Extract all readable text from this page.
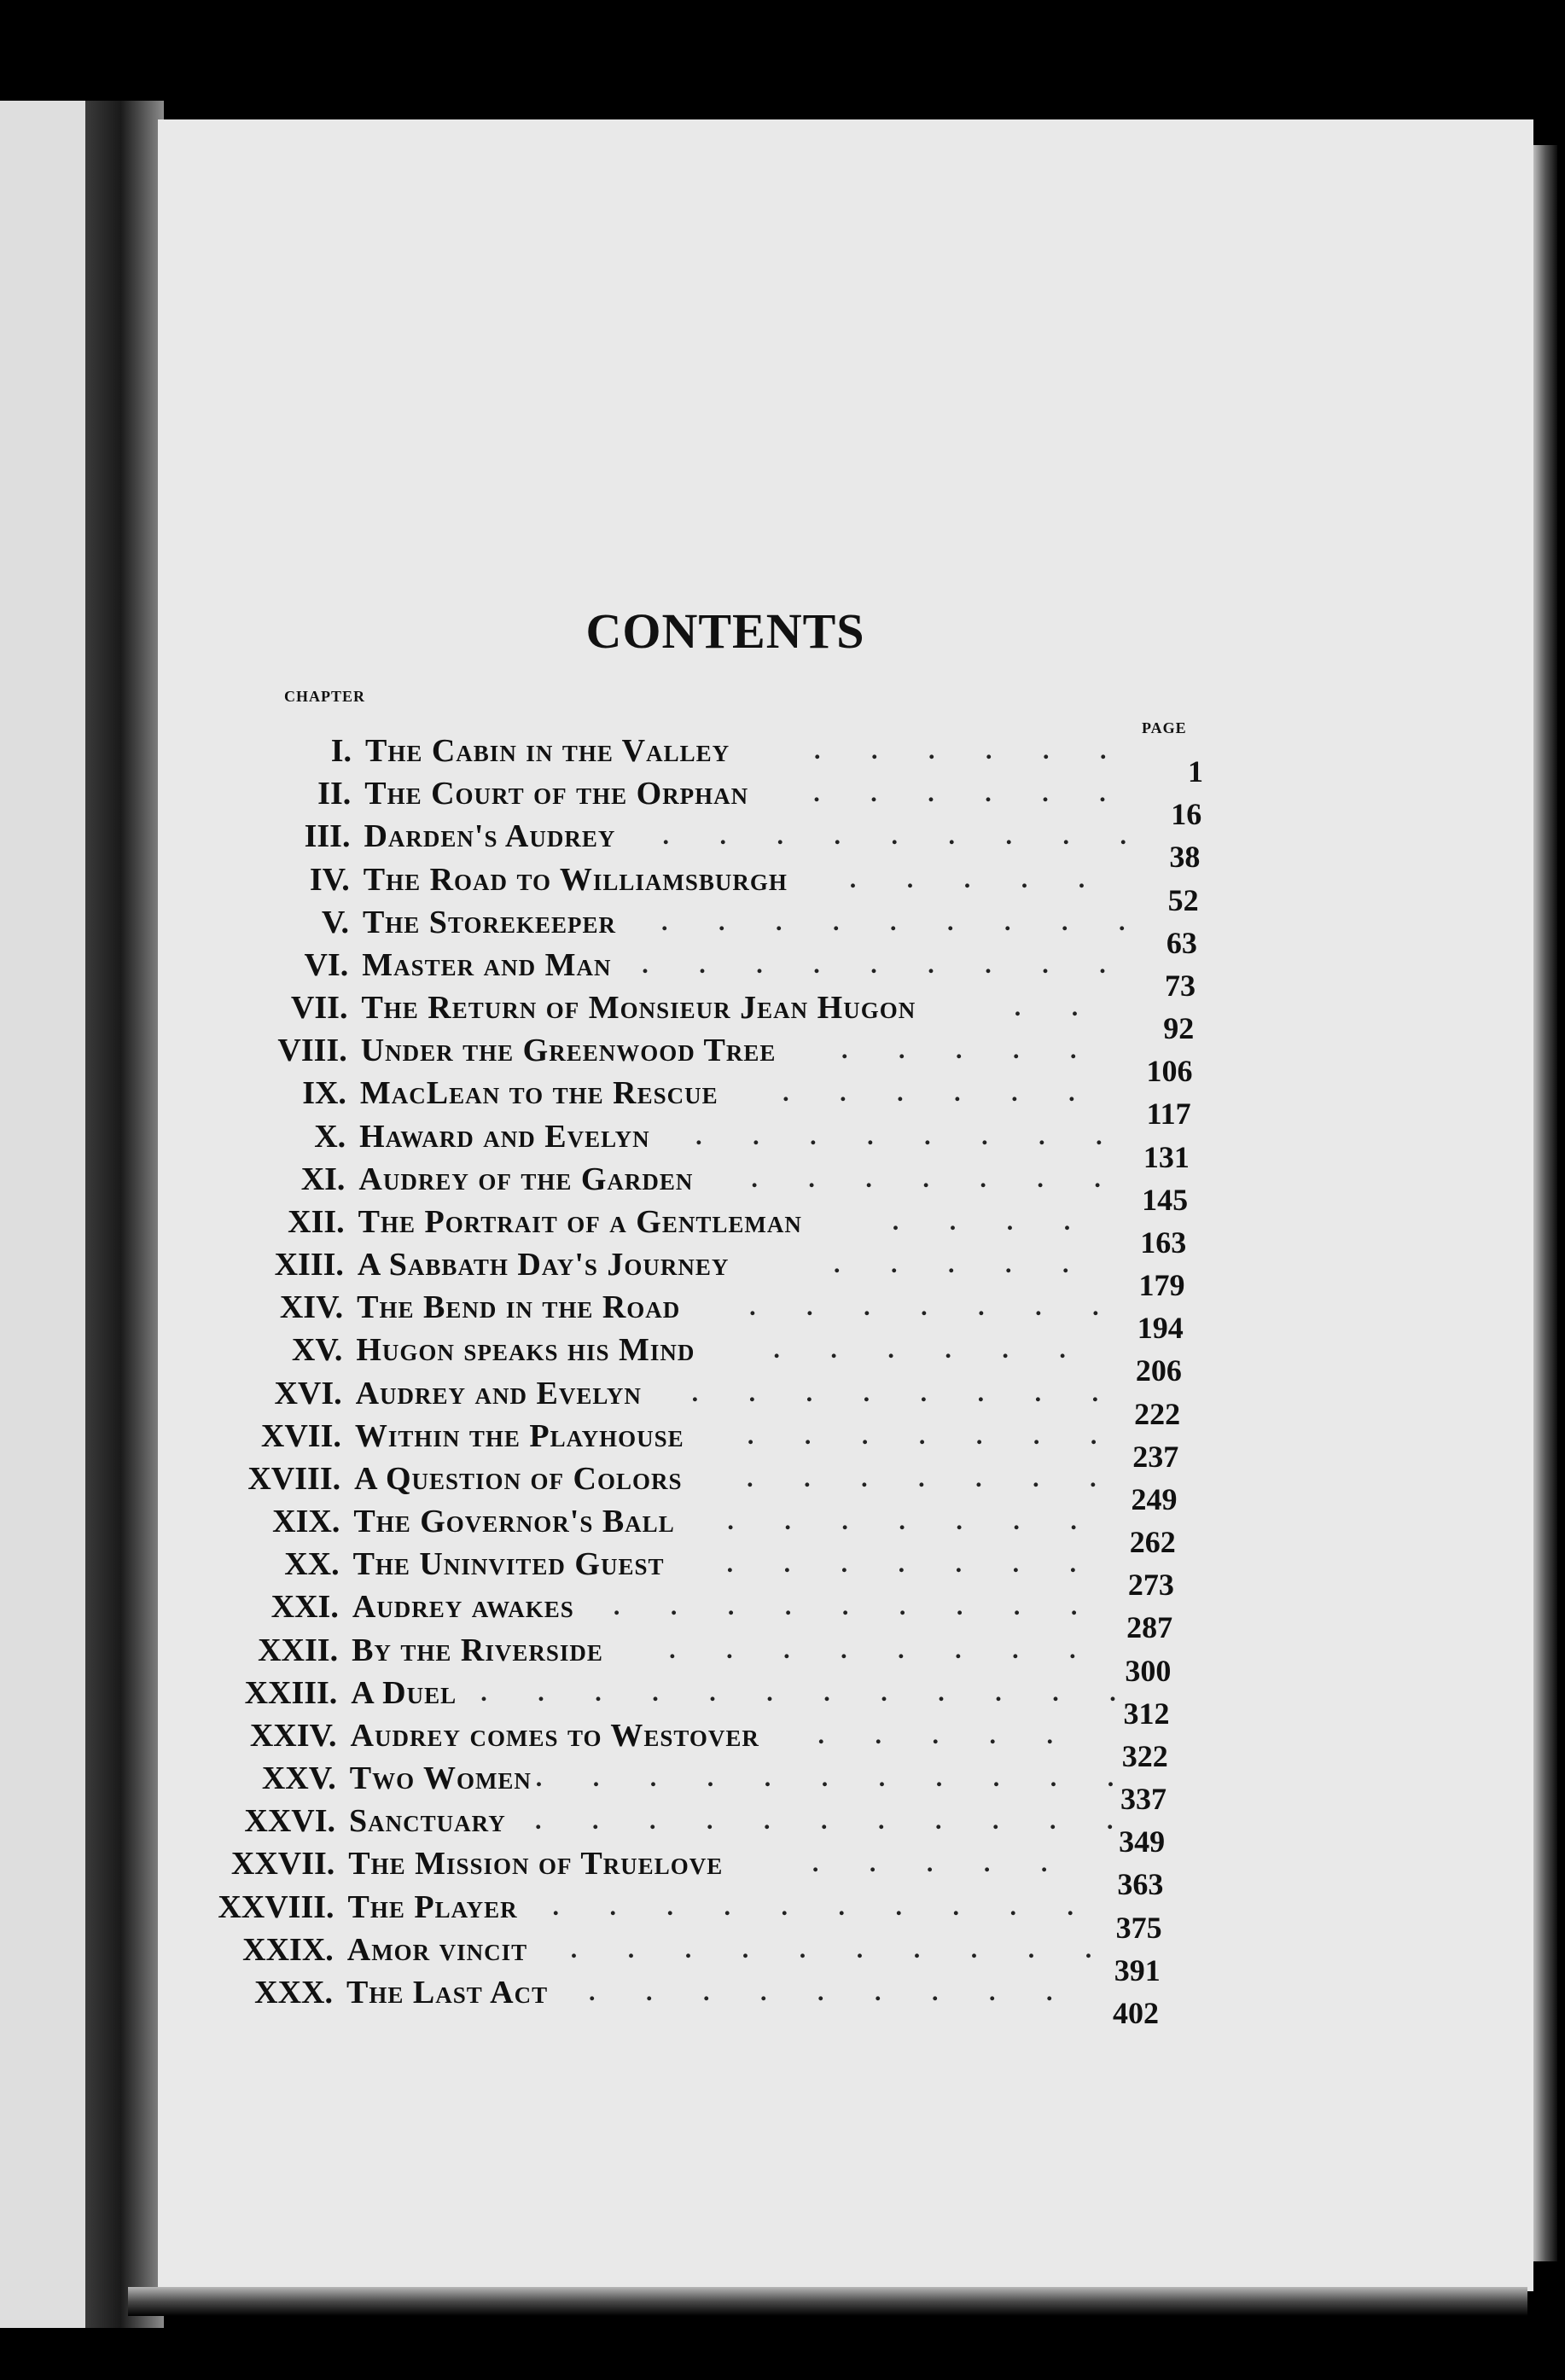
CONTENTS
CHAPTER
PAGE
I. The Cabin in the Valley	. . . . . .
1
II. The Court of the Orphan	. . . . . .
16
III. Darden's Audrey	. . . . . . . . .
38
IV. The Road to Williamsburgh	. . . . .
52
V. The Storekeeper	. . . . . . . . .
63
VI. Master and Man	. . . . . . . . .
73
VII. The Return of Monsieur Jean Hugon	. .
92
VIII. Under the Greenwood Tree	. . . . .
106
IX. MacLean to the Rescue	. . . . . .
117
X. Haward and Evelyn	. . . . . . . .
131
XI. Audrey of the Garden	. . . . . . .
145
XII. The Portrait of a Gentleman	. . . .
163
XIII. A Sabbath Day's Journey	. . . . .
179
XIV. The Bend in the Road	. . . . . . .
194
XV. Hugon speaks his Mind	. . . . . .
206
XVI. Audrey and Evelyn	. . . . . . . .
222
XVII. Within the Playhouse	. . . . . . .
237
XVIII. A Question of Colors	. . . . . . .
249
XIX. The Governor's Ball	. . . . . . .
262
XX. The Uninvited Guest	. . . . . . .
273
XXI. Audrey awakes	. . . . . . . . .
287
XXII. By the Riverside	. . . . . . . .
300
XXIII. A Duel . . . . . . . . . . . .
312
XXIV. Audrey comes to Westover	. . . . .
322
XXV. Two Women . . . . . . . . . . .
337
XXVI. Sanctuary	. . . . . . . . . . .
349
XXVII. The Mission of Truelove	. . . . .
363
XXVIII. The Player	. . . . . . . . . .
375
XXIX. Amor vincit	. . . . . . . . . .
391
XXX. The Last Act	. . . . . . . . .
402
